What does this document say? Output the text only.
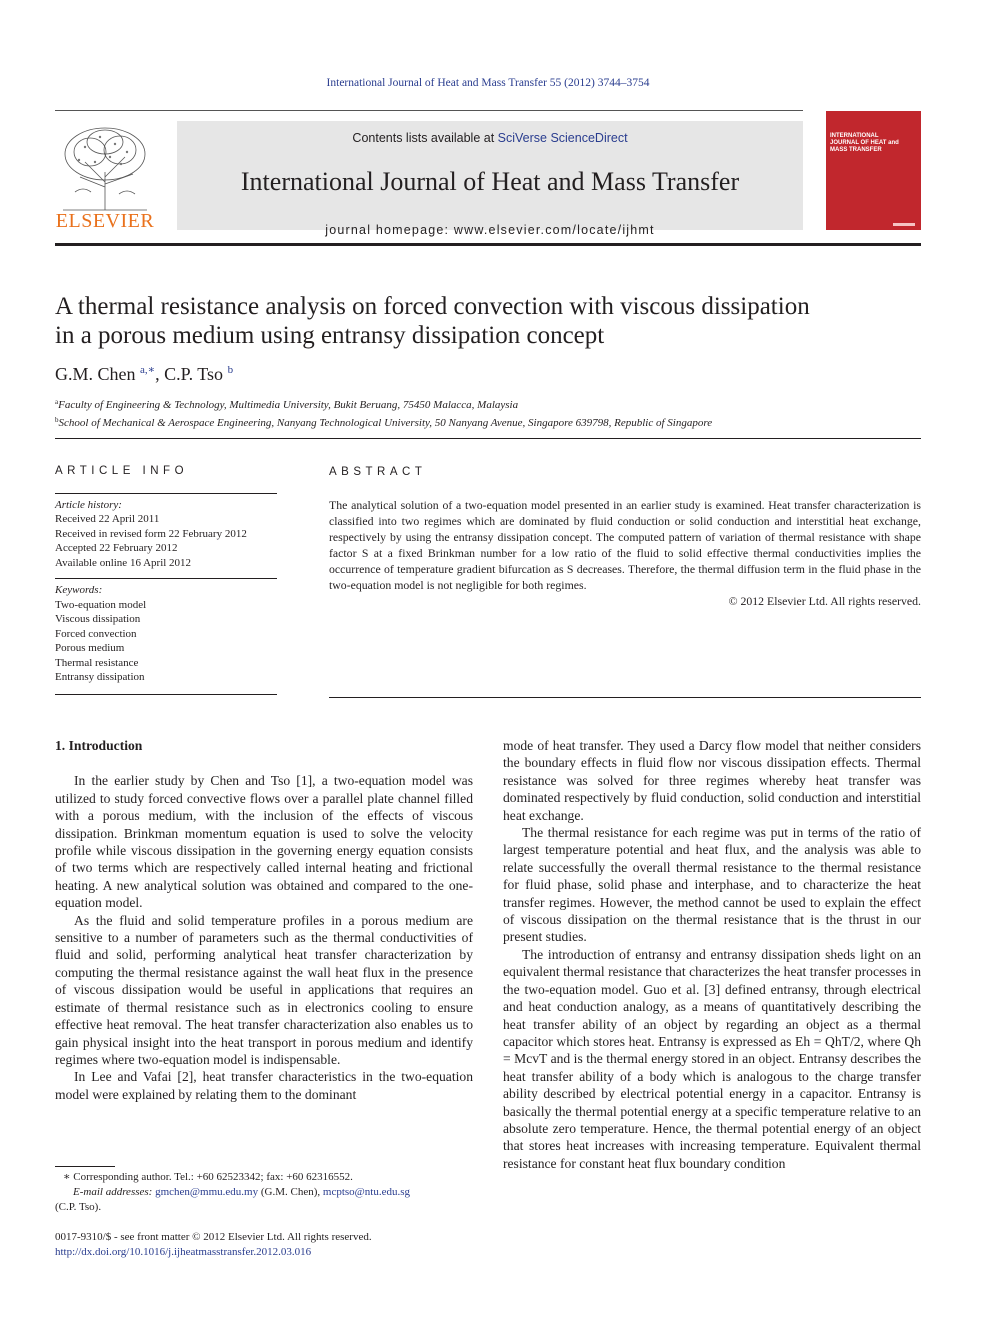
International Journal of Heat and Mass Transfer 55 (2012) 3744–3754
ELSEVIER
Contents lists available at SciVerse ScienceDirect
International Journal of Heat and Mass Transfer
journal homepage: www.elsevier.com/locate/ijhmt
INTERNATIONAL JOURNAL OF HEAT and MASS TRANSFER
A thermal resistance analysis on forced convection with viscous dissipation
in a porous medium using entransy dissipation concept
G.M. Chen $^{a,∗}$, C.P. Tso $^b$
$^a$Faculty of Engineering & Technology, Multimedia University, Bukit Beruang, 75450 Malacca, Malaysia
$^b$School of Mechanical & Aerospace Engineering, Nanyang Technological University, 50 Nanyang Avenue, Singapore 639798, Republic of Singapore
ARTICLE INFO
Article history:
Received 22 April 2011
Received in revised form 22 February 2012
Accepted 22 February 2012
Available online 16 April 2012
Keywords:
Two-equation model
Viscous dissipation
Forced convection
Porous medium
Thermal resistance
Entransy dissipation
ABSTRACT
The analytical solution of a two-equation model presented in an earlier study is examined. Heat transfer characterization is classified into two regimes which are dominated by fluid conduction or solid conduction and interstitial heat exchange, respectively by using the entransy dissipation concept. The computed pattern of variation of thermal resistance with shape factor S at a fixed Brinkman number for a low ratio of the fluid to solid effective thermal conductivities implies the occurrence of temperature gradient bifurcation as S decreases. Therefore, the thermal diffusion term in the fluid phase in the two-equation model is not negligible for both regimes.
© 2012 Elsevier Ltd. All rights reserved.
1. Introduction
In the earlier study by Chen and Tso [1], a two-equation model was utilized to study forced convective flows over a parallel plate channel filled with a porous medium, with the inclusion of the effects of viscous dissipation. Brinkman momentum equation is used to solve the velocity profile while viscous dissipation in the governing energy equation consists of two terms which are respectively called internal heating and frictional heating. A new analytical solution was obtained and compared to the one-equation model.
As the fluid and solid temperature profiles in a porous medium are sensitive to a number of parameters such as the thermal conductivities of fluid and solid, performing analytical heat transfer characterization by computing the thermal resistance against the wall heat flux in the presence of viscous dissipation would be useful in applications that requires an estimate of thermal resistance such as in electronics cooling to ensure effective heat removal. The heat transfer characterization also enables us to gain physical insight into the heat transport in porous medium and identify regimes where two-equation model is indispensable.
In Lee and Vafai [2], heat transfer characteristics in the two-equation model were explained by relating them to the dominant
mode of heat transfer. They used a Darcy flow model that neither considers the boundary effects in fluid flow nor viscous dissipation effects. Thermal resistance was solved for three regimes whereby heat transfer was dominated respectively by fluid conduction, solid conduction and interstitial heat exchange.
The thermal resistance for each regime was put in terms of the ratio of largest temperature potential and heat flux, and the analysis was able to relate successfully the overall thermal resistance to the thermal resistance for fluid phase, solid phase and interphase, and to characterize the heat transfer regimes. However, the method cannot be used to explain the effect of viscous dissipation on the thermal resistance that is the thrust in our present studies.
The introduction of entransy and entransy dissipation sheds light on an equivalent thermal resistance that characterizes the heat transfer processes in the two-equation model. Guo et al. [3] defined entransy, through electrical and heat conduction analogy, as a means of quantitatively describing the heat transfer ability of an object by regarding an object as a thermal capacitor which stores heat. Entransy is expressed as Eh = QhT/2, where Qh = McvT and is the thermal energy stored in an object. Entransy describes the heat transfer ability of a body which is analogous to the charge transfer ability described by electrical potential energy in a capacitor. Entransy is basically the thermal potential energy at a specific temperature relative to an absolute zero temperature. Hence, the thermal potential energy of an object that stores heat increases with increasing temperature. Equivalent thermal resistance for constant heat flux boundary condition
∗ Corresponding author. Tel.: +60 62523342; fax: +60 62316552.
E-mail addresses: gmchen@mmu.edu.my (G.M. Chen), mcptso@ntu.edu.sg
(C.P. Tso).
0017-9310/$ - see front matter © 2012 Elsevier Ltd. All rights reserved.
http://dx.doi.org/10.1016/j.ijheatmasstransfer.2012.03.016
